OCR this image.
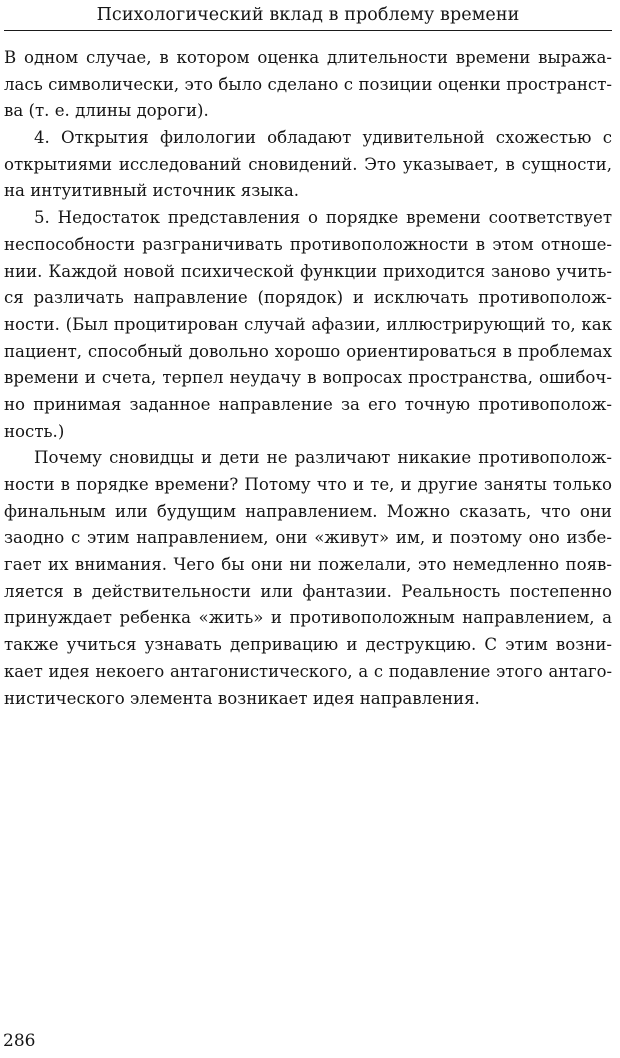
Психологический вклад в проблему времени
В одном случае, в котором оценка длительности времени выража-
лась символически, это было сделано с позиции оценки пространст-
ва (т. е. длины дороги).
4. Открытия филологии обладают удивительной схожестью с
открытиями исследований сновидений. Это указывает, в сущности,
на интуитивный источник языка.
5. Недостаток представления о порядке времени соответствует
неспособности разграничивать противоположности в этом отноше-
нии. Каждой новой психической функции приходится заново учить-
ся различать направление (порядок) и исключать противополож-
ности. (Был процитирован случай афазии, иллюстрирующий то, как
пациент, способный довольно хорошо ориентироваться в проблемах
времени и счета, терпел неудачу в вопросах пространства, ошибоч-
но принимая заданное направление за его точную противополож-
ность.)
Почему сновидцы и дети не различают никакие противополож-
ности в порядке времени? Потому что и те, и другие заняты только
финальным или будущим направлением. Можно сказать, что они
заодно с этим направлением, они «живут» им, и поэтому оно избе-
гает их внимания. Чего бы они ни пожелали, это немедленно появ-
ляется в действительности или фантазии. Реальность постепенно
принуждает ребенка «жить» и противоположным направлением, а
также учиться узнавать депривацию и деструкцию. С этим возни-
кает идея некоего антагонистического, а с подавление этого антаго-
нистического элемента возникает идея направления.
286
